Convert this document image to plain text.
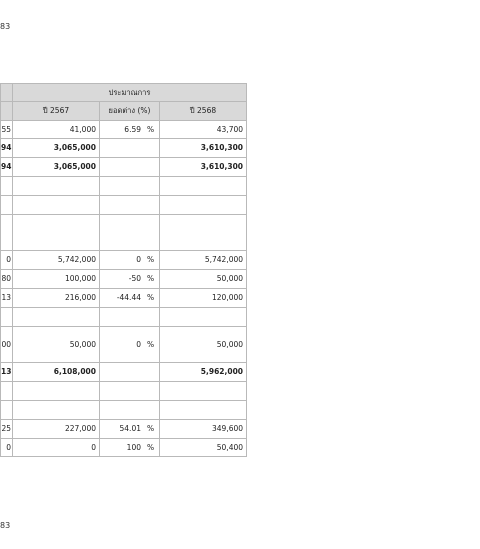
83
	ประมาณการ		
	ปี 2567	ยอดต่าง (%)	ปี 2568
55	41,000	6.59 %	43,700
94	3,065,000		3,610,300
94	3,065,000		3,610,300

0	5,742,000	0 %	5,742,000
80	100,000	-50 %	50,000
13	216,000	-44.44 %	120,000

00	50,000	0 %	50,000
13	6,108,000		5,962,000

25	227,000	54.01 %	349,600
0	0	100 %	50,400
83
